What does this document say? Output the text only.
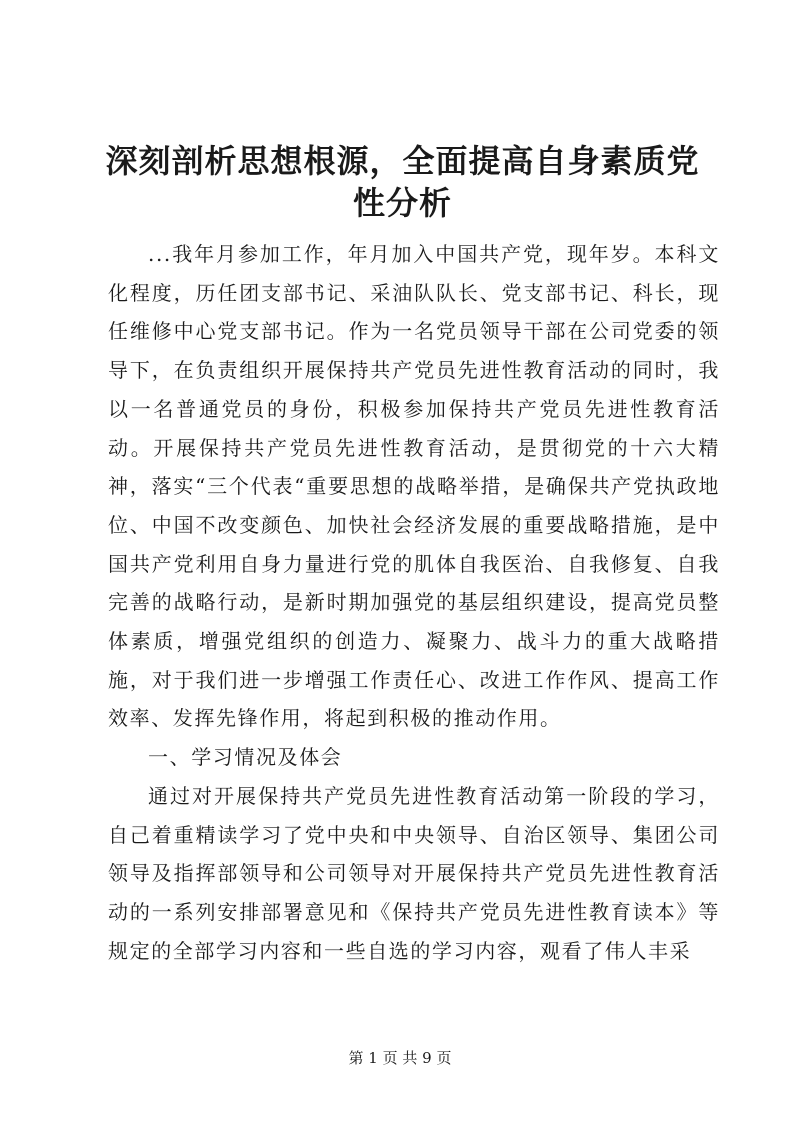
深刻剖析思想根源，全面提高自身素质党性分析

...我年月参加工作，年月加入中国共产党，现年岁。本科文化程度，历任团支部书记、采油队队长、党支部书记、科长，现任维修中心党支部书记。作为一名党员领导干部在公司党委的领导下，在负责组织开展保持共产党员先进性教育活动的同时，我以一名普通党员的身份，积极参加保持共产党员先进性教育活动。开展保持共产党员先进性教育活动，是贯彻党的十六大精神，落实“三个代表“重要思想的战略举措，是确保共产党执政地位、中国不改变颜色、加快社会经济发展的重要战略措施，是中国共产党利用自身力量进行党的肌体自我医治、自我修复、自我完善的战略行动，是新时期加强党的基层组织建设，提高党员整体素质，增强党组织的创造力、凝聚力、战斗力的重大战略措施，对于我们进一步增强工作责任心、改进工作作风、提高工作效率、发挥先锋作用，将起到积极的推动作用。

一、学习情况及体会

通过对开展保持共产党员先进性教育活动第一阶段的学习，自己着重精读学习了党中央和中央领导、自治区领导、集团公司领导及指挥部领导和公司领导对开展保持共产党员先进性教育活动的一系列安排部署意见和《保持共产党员先进性教育读本》等规定的全部学习内容和一些自选的学习内容，观看了伟人丰采

第 1 页 共 9 页
